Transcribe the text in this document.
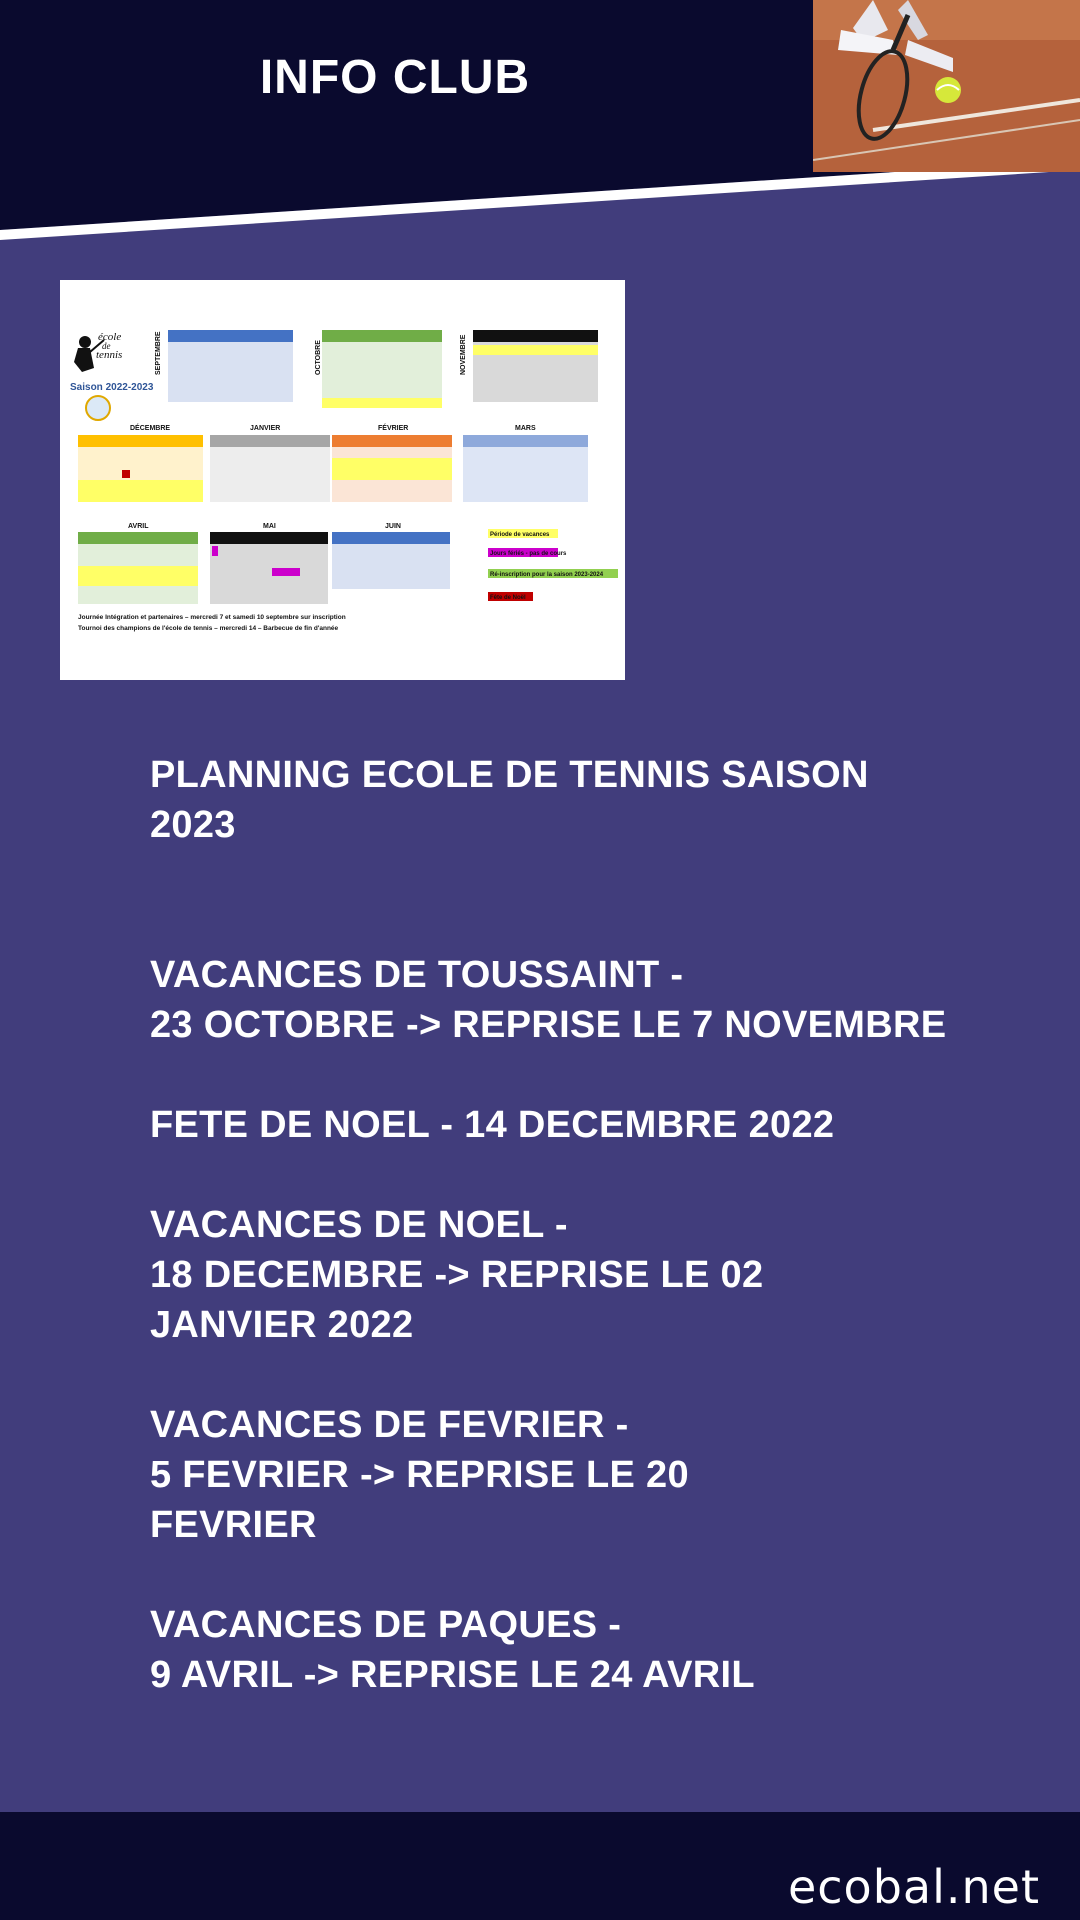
INFO CLUB
école
de
tennis
Saison 2022-2023
SEPTEMBRE	OCTOBRE	NOVEMBRE
DÉCEMBRE	JANVIER	FÉVRIER	MARS
AVRIL	MAI	JUIN
Période de vacances
Jours fériés - pas de cours
Ré-inscription pour la saison 2023-2024
Fête de Noël
Journée Intégration et partenaires – mercredi 7 et samedi 10 septembre sur inscription
Tournoi des champions de l'école de tennis – mercredi 14 – Barbecue de fin d'année

PLANNING ECOLE DE TENNIS SAISON
2023

VACANCES DE TOUSSAINT -
23 OCTOBRE -> REPRISE LE 7 NOVEMBRE

FETE DE NOEL - 14 DECEMBRE 2022

VACANCES DE NOEL -
18 DECEMBRE -> REPRISE LE 02
JANVIER 2022

VACANCES DE FEVRIER -
5 FEVRIER -> REPRISE LE 20
FEVRIER

VACANCES DE PAQUES -
9 AVRIL -> REPRISE LE 24 AVRIL

ecobal.net
